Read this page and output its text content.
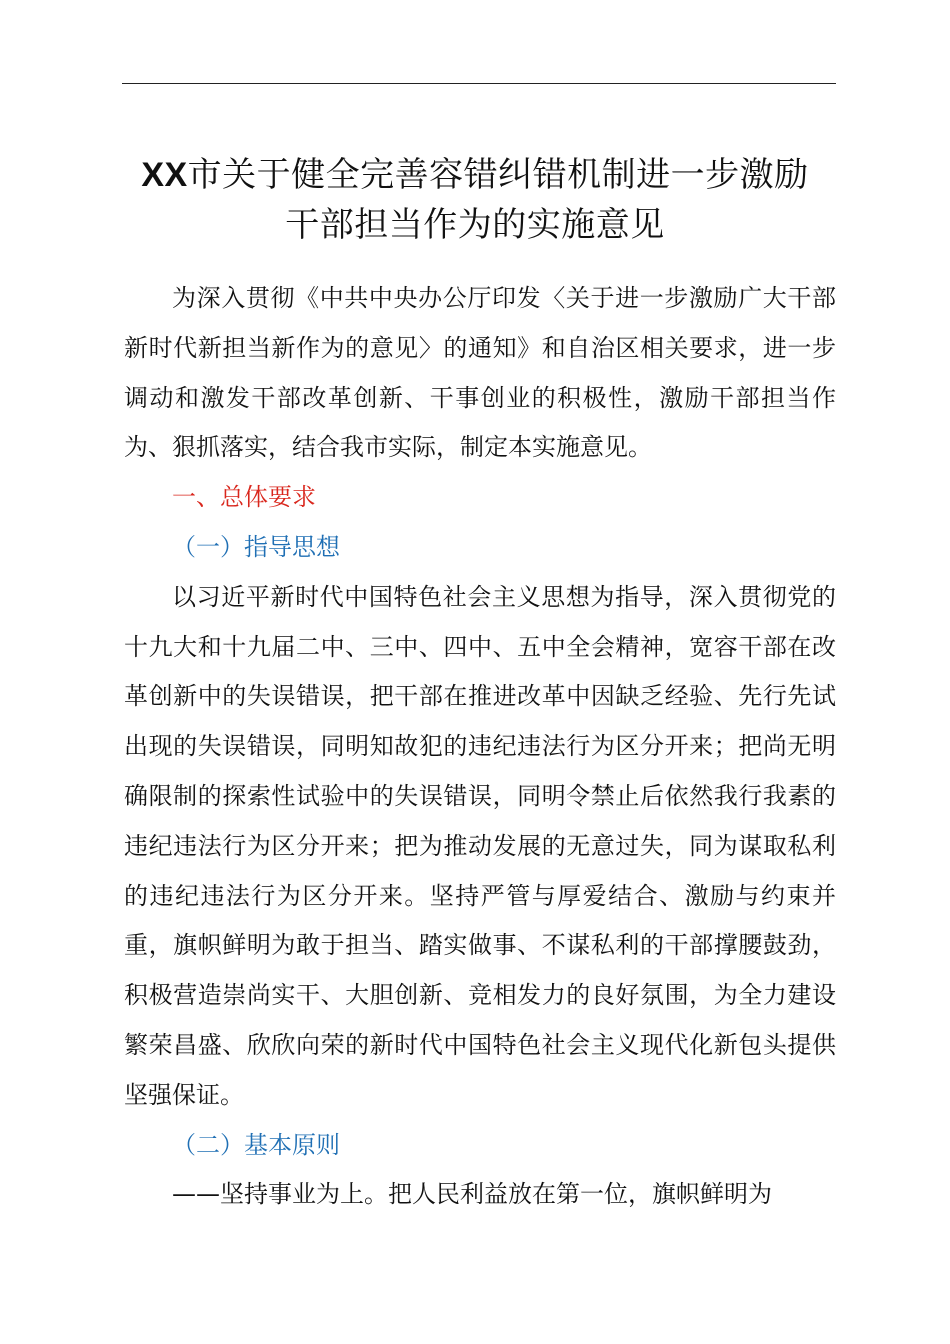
XX市关于健全完善容错纠错机制进一步激励
干部担当作为的实施意见

为深入贯彻《中共中央办公厅印发〈关于进一步激励广大干部新时代新担当新作为的意见〉的通知》和自治区相关要求，进一步调动和激发干部改革创新、干事创业的积极性，激励干部担当作为、狠抓落实，结合我市实际，制定本实施意见。

一、总体要求

（一）指导思想

以习近平新时代中国特色社会主义思想为指导，深入贯彻党的十九大和十九届二中、三中、四中、五中全会精神，宽容干部在改革创新中的失误错误，把干部在推进改革中因缺乏经验、先行先试出现的失误错误，同明知故犯的违纪违法行为区分开来；把尚无明确限制的探索性试验中的失误错误，同明令禁止后依然我行我素的违纪违法行为区分开来；把为推动发展的无意过失，同为谋取私利的违纪违法行为区分开来。坚持严管与厚爱结合、激励与约束并重，旗帜鲜明为敢于担当、踏实做事、不谋私利的干部撑腰鼓劲，积极营造崇尚实干、大胆创新、竞相发力的良好氛围，为全力建设繁荣昌盛、欣欣向荣的新时代中国特色社会主义现代化新包头提供坚强保证。

（二）基本原则

——坚持事业为上。把人民利益放在第一位，旗帜鲜明为
